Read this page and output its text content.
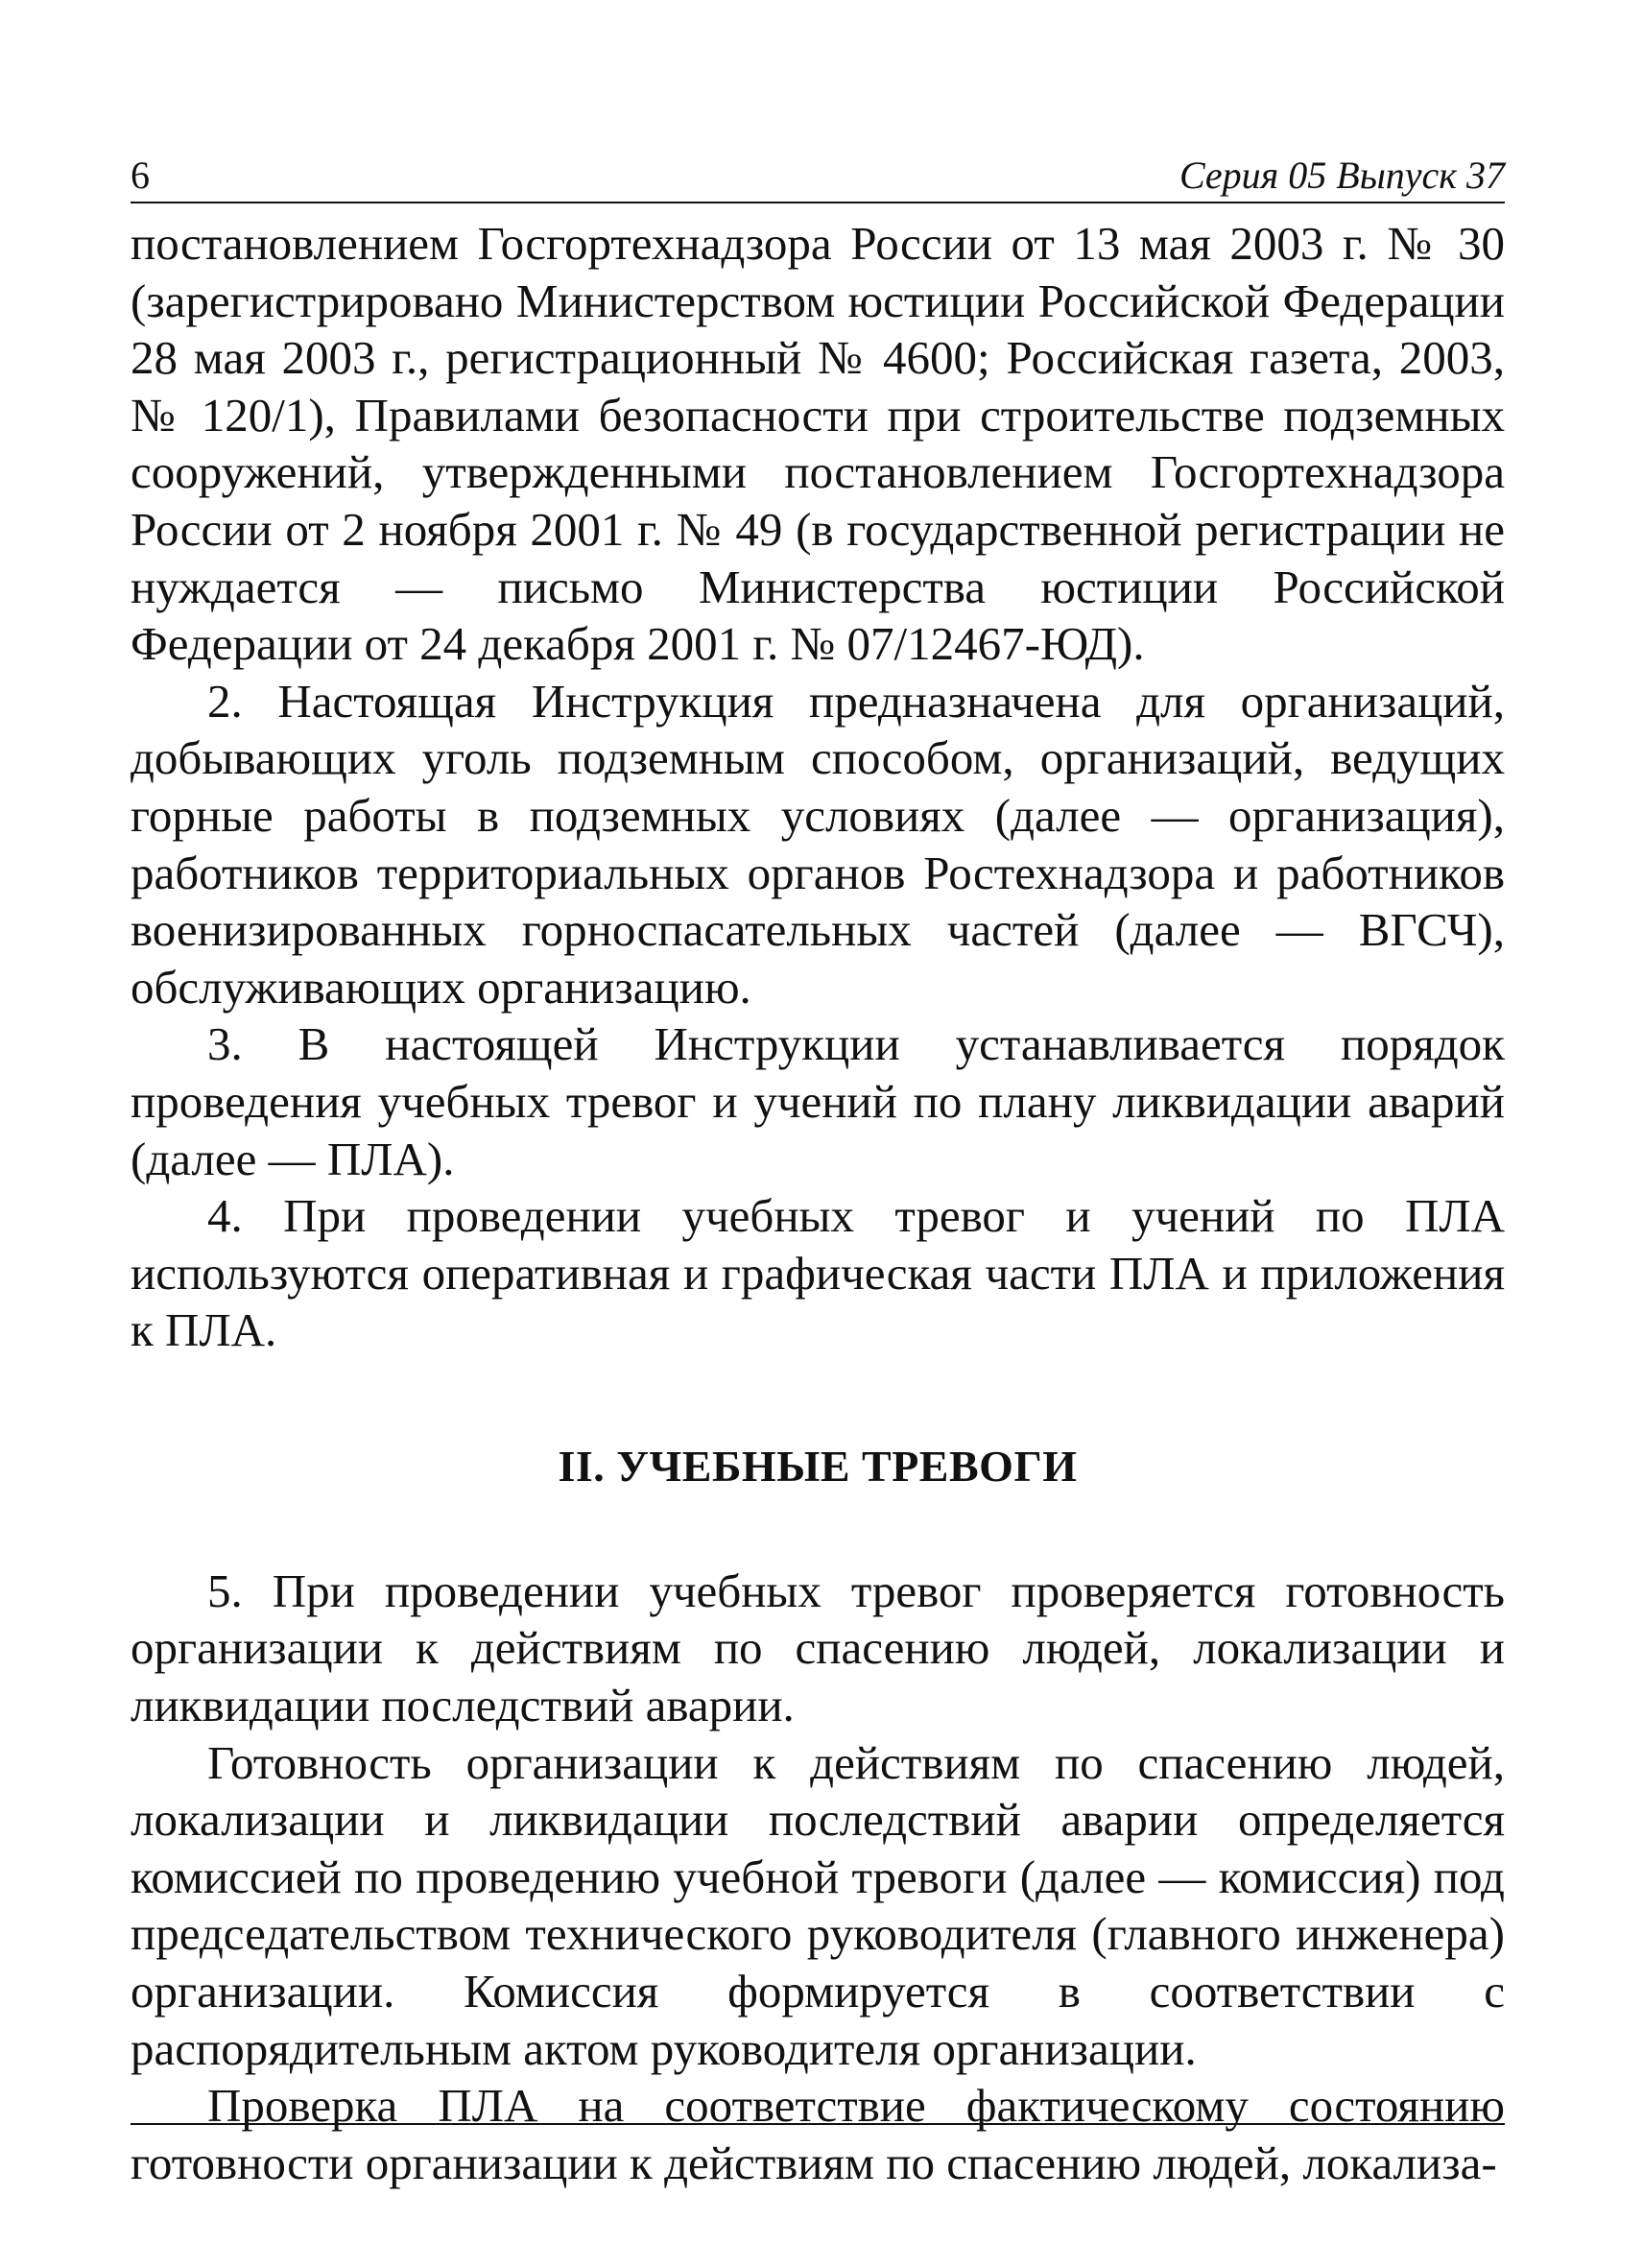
6	Серия 05 Выпуск 37

постановлением Госгортехнадзора России от 13 мая 2003 г. № 30 (зарегистрировано Министерством юстиции Российской Федерации 28 мая 2003 г., регистрационный № 4600; Российская газета, 2003, № 120/1), Правилами безопасности при строительстве подземных сооружений, утвержденными постановлением Госгортехнадзора России от 2 ноября 2001 г. № 49 (в государственной регистрации не нуждается — письмо Министерства юстиции Российской Федерации от 24 декабря 2001 г. № 07/12467-ЮД).

2. Настоящая Инструкция предназначена для организаций, добывающих уголь подземным способом, организаций, ведущих горные работы в подземных условиях (далее — организация), работников территориальных органов Ростехнадзора и работников военизированных горноспасательных частей (далее — ВГСЧ), обслуживающих организацию.

3. В настоящей Инструкции устанавливается порядок проведения учебных тревог и учений по плану ликвидации аварий (далее — ПЛА).

4. При проведении учебных тревог и учений по ПЛА используются оперативная и графическая части ПЛА и приложения к ПЛА.

II. УЧЕБНЫЕ ТРЕВОГИ

5. При проведении учебных тревог проверяется готовность организации к действиям по спасению людей, локализации и ликвидации последствий аварии.

Готовность организации к действиям по спасению людей, локализации и ликвидации последствий аварии определяется комиссией по проведению учебной тревоги (далее — комиссия) под председательством технического руководителя (главного инженера) организации. Комиссия формируется в соответствии с распорядительным актом руководителя организации.

Проверка ПЛА на соответствие фактическому состоянию готовности организации к действиям по спасению людей, локализа-
